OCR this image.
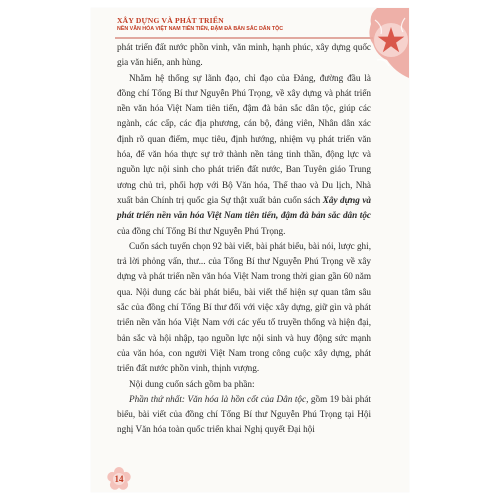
XÂY DỰNG VÀ PHÁT TRIỂN
NỀN VĂN HÓA VIỆT NAM TIÊN TIẾN, ĐẬM ĐÀ BẢN SẮC DÂN TỘC

phát triển đất nước phồn vinh, văn minh, hạnh phúc, xây dựng quốc gia văn hiến, anh hùng.

Nhằm hệ thống sự lãnh đạo, chỉ đạo của Đảng, đường đầu là đồng chí Tổng Bí thư Nguyễn Phú Trọng, về xây dựng và phát triển nền văn hóa Việt Nam tiên tiến, đậm đà bản sắc dân tộc, giúp các ngành, các cấp, các địa phương, cán bộ, đảng viên, Nhân dân xác định rõ quan điểm, mục tiêu, định hướng, nhiệm vụ phát triển văn hóa, để văn hóa thực sự trở thành nền tảng tinh thần, động lực và nguồn lực nội sinh cho phát triển đất nước, Ban Tuyên giáo Trung ương chủ trì, phối hợp với Bộ Văn hóa, Thể thao và Du lịch, Nhà xuất bản Chính trị quốc gia Sự thật xuất bản cuốn sách Xây dựng và phát triển nền văn hóa Việt Nam tiên tiến, đậm đà bản sắc dân tộc của đồng chí Tổng Bí thư Nguyễn Phú Trọng.

Cuốn sách tuyển chọn 92 bài viết, bài phát biểu, bài nói, lược ghi, trả lời phỏng vấn, thư... của Tổng Bí thư Nguyễn Phú Trọng về xây dựng và phát triển nền văn hóa Việt Nam trong thời gian gần 60 năm qua. Nội dung các bài phát biểu, bài viết thể hiện sự quan tâm sâu sắc của đồng chí Tổng Bí thư đối với việc xây dựng, giữ gìn và phát triển nền văn hóa Việt Nam với các yếu tố truyền thống và hiện đại, bản sắc và hội nhập, tạo nguồn lực nội sinh và huy động sức mạnh của văn hóa, con người Việt Nam trong công cuộc xây dựng, phát triển đất nước phồn vinh, thịnh vượng.

Nội dung cuốn sách gồm ba phần:

Phần thứ nhất: Văn hóa là hồn cốt của Dân tộc, gồm 19 bài phát biểu, bài viết của đồng chí Tổng Bí thư Nguyễn Phú Trọng tại Hội nghị Văn hóa toàn quốc triển khai Nghị quyết Đại hội

14
